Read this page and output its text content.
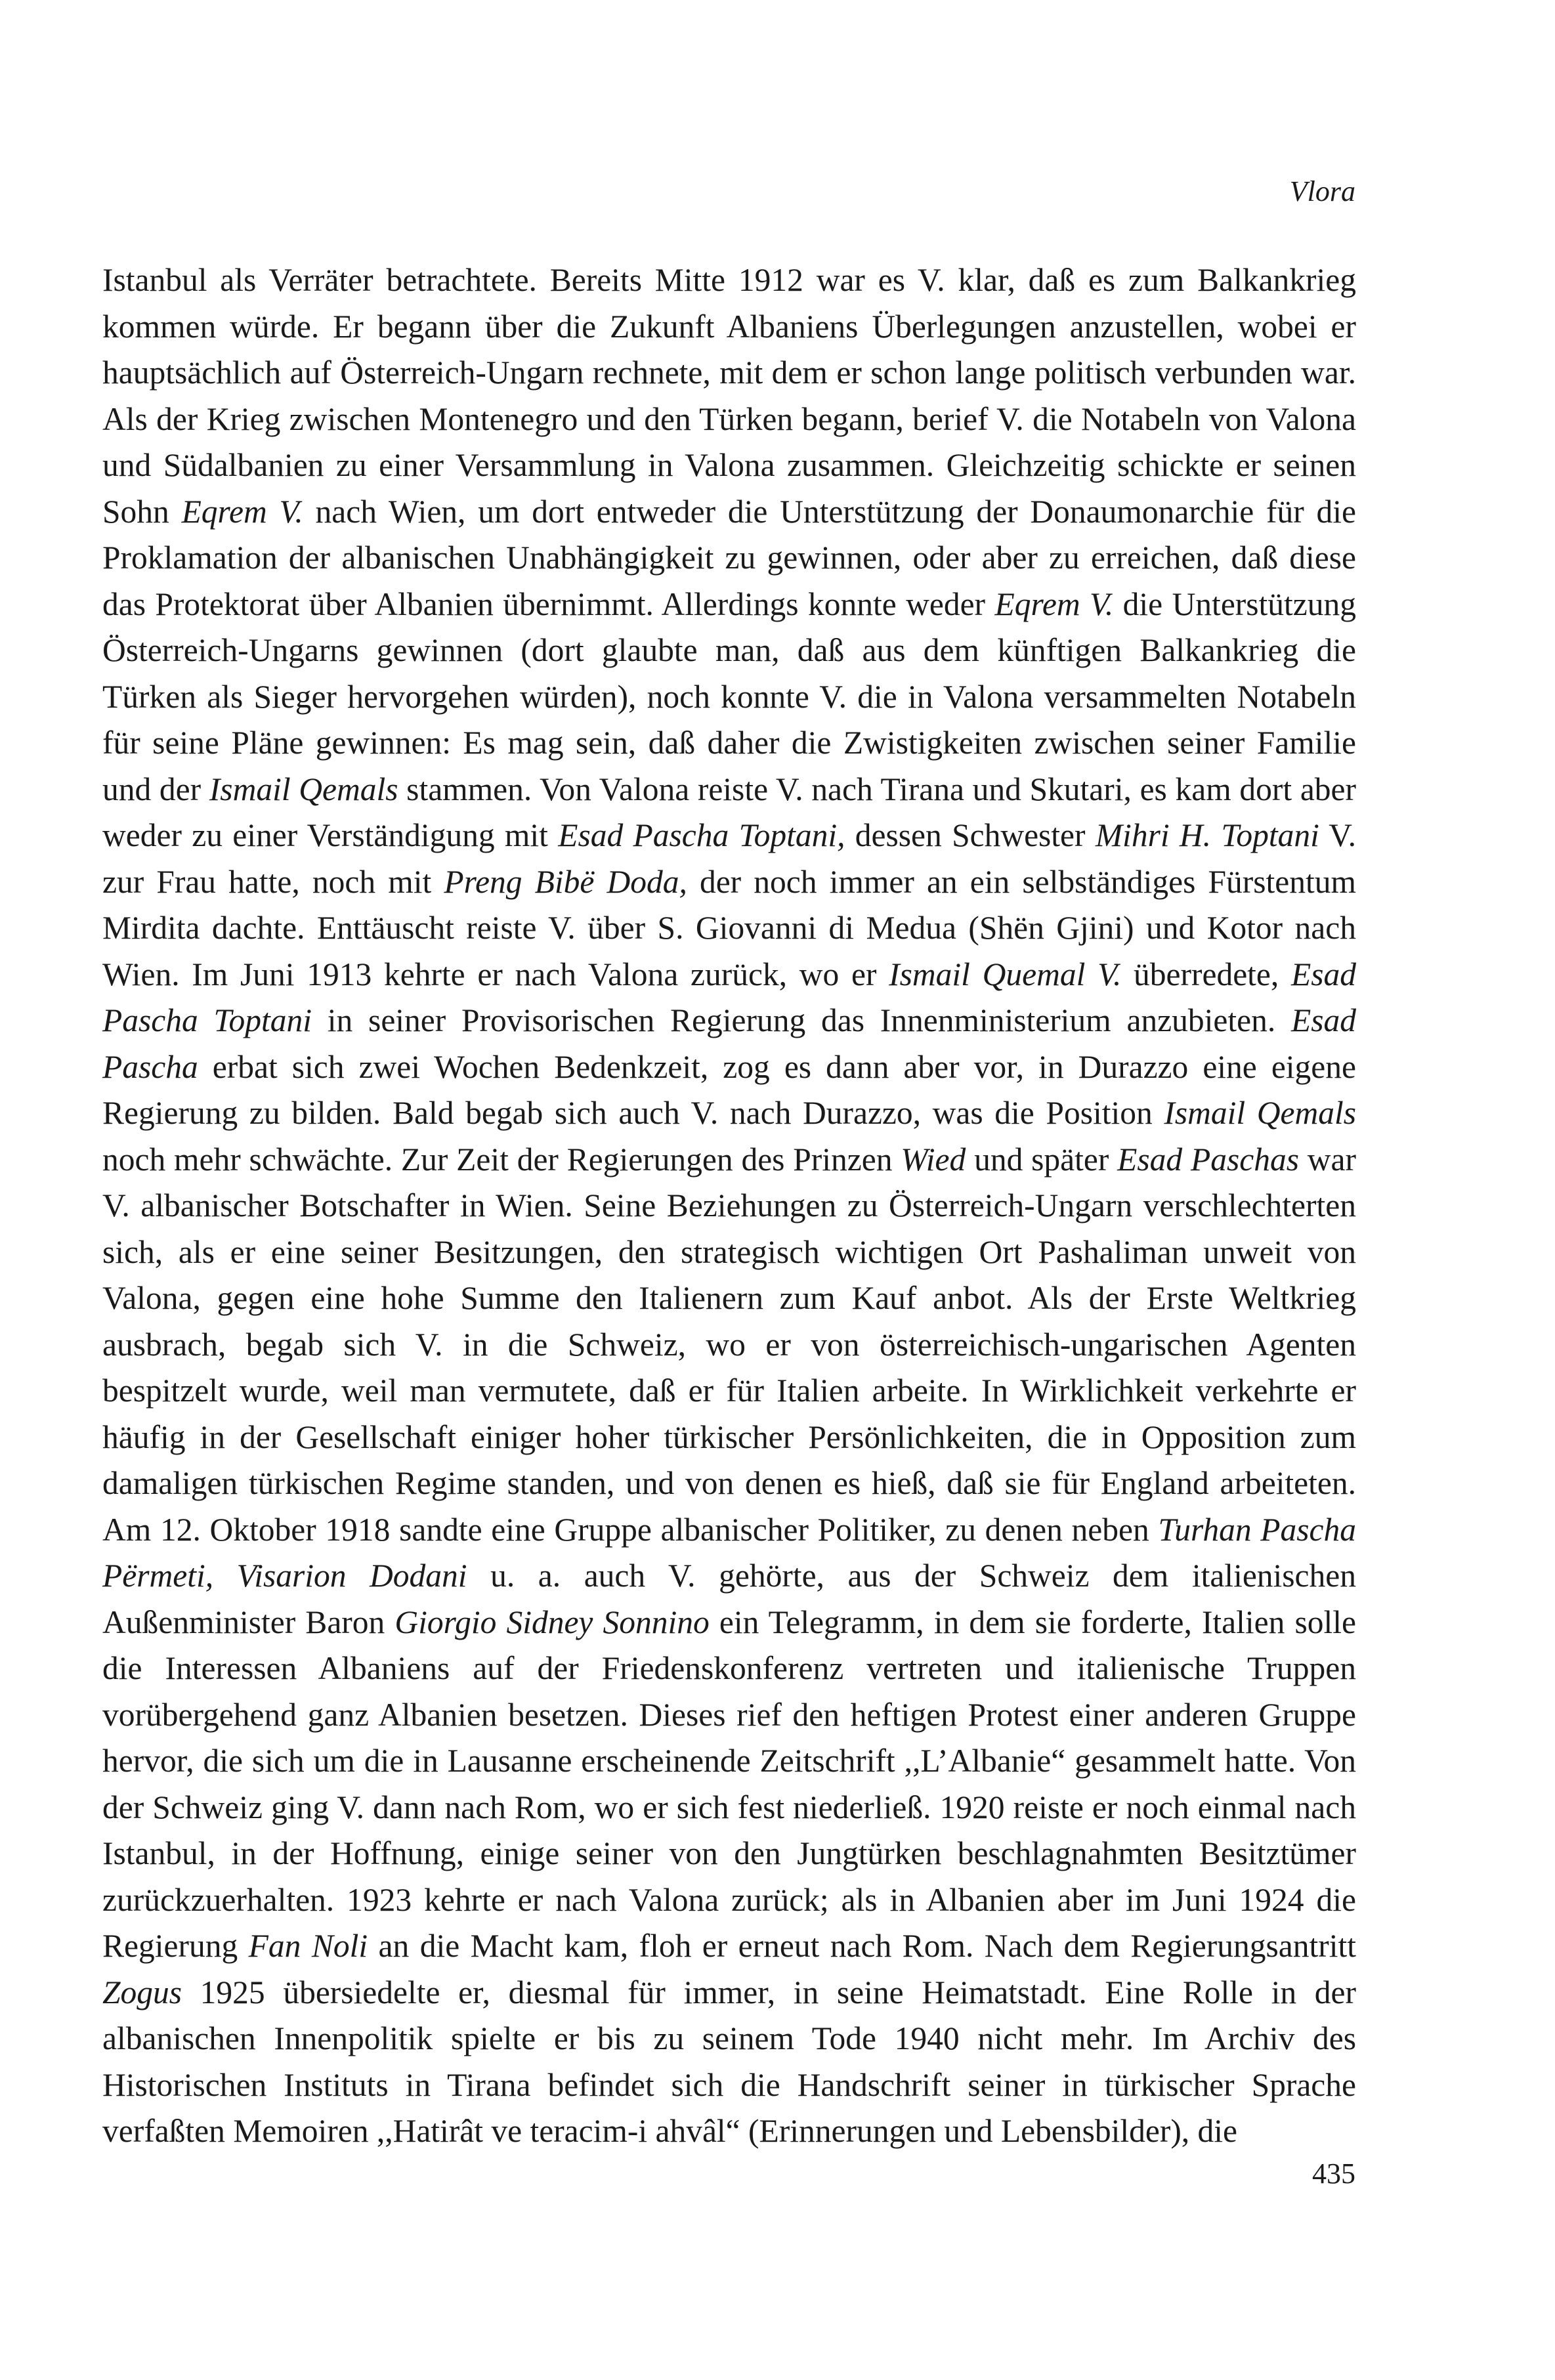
Vlora

Istanbul als Verräter betrachtete. Bereits Mitte 1912 war es V. klar, daß es zum Balkankrieg kommen würde. Er begann über die Zukunft Albaniens Überlegungen anzustellen, wobei er hauptsächlich auf Österreich-Ungarn rechnete, mit dem er schon lange politisch verbunden war. Als der Krieg zwischen Montenegro und den Türken begann, berief V. die Notabeln von Valona und Südalbanien zu einer Versammlung in Valona zusammen. Gleichzeitig schickte er seinen Sohn Eqrem V. nach Wien, um dort entweder die Unterstützung der Donaumonarchie für die Proklamation der albanischen Unabhängigkeit zu gewinnen, oder aber zu erreichen, daß diese das Protektorat über Albanien übernimmt. Allerdings konnte weder Eqrem V. die Unterstützung Österreich-Ungarns gewinnen (dort glaubte man, daß aus dem künftigen Balkankrieg die Türken als Sieger hervorgehen würden), noch konnte V. die in Valona versammelten Notabeln für seine Pläne gewinnen: Es mag sein, daß daher die Zwistigkeiten zwischen seiner Familie und der Ismail Qemals stammen. Von Valona reiste V. nach Tirana und Skutari, es kam dort aber weder zu einer Verständigung mit Esad Pascha Toptani, dessen Schwester Mihri H. Toptani V. zur Frau hatte, noch mit Preng Bibë Doda, der noch immer an ein selbständiges Fürstentum Mirdita dachte. Enttäuscht reiste V. über S. Giovanni di Medua (Shën Gjini) und Kotor nach Wien. Im Juni 1913 kehrte er nach Valona zurück, wo er Ismail Quemal V. überredete, Esad Pascha Toptani in seiner Provisorischen Regierung das Innenministerium anzubieten. Esad Pascha erbat sich zwei Wochen Bedenkzeit, zog es dann aber vor, in Durazzo eine eigene Regierung zu bilden. Bald begab sich auch V. nach Durazzo, was die Position Ismail Qemals noch mehr schwächte. Zur Zeit der Regierungen des Prinzen Wied und später Esad Paschas war V. albanischer Botschafter in Wien. Seine Beziehungen zu Österreich-Ungarn verschlechterten sich, als er eine seiner Besitzungen, den strategisch wichtigen Ort Pashaliman unweit von Valona, gegen eine hohe Summe den Italienern zum Kauf anbot. Als der Erste Weltkrieg ausbrach, begab sich V. in die Schweiz, wo er von österreichisch-ungarischen Agenten bespitzelt wurde, weil man vermutete, daß er für Italien arbeite. In Wirklichkeit verkehrte er häufig in der Gesellschaft einiger hoher türkischer Persönlichkeiten, die in Opposition zum damaligen türkischen Regime standen, und von denen es hieß, daß sie für England arbeiteten. Am 12. Oktober 1918 sandte eine Gruppe albanischer Politiker, zu denen neben Turhan Pascha Përmeti, Visarion Dodani u. a. auch V. gehörte, aus der Schweiz dem italienischen Außenminister Baron Giorgio Sidney Sonnino ein Telegramm, in dem sie forderte, Italien solle die Interessen Albaniens auf der Friedenskonferenz vertreten und italienische Truppen vorübergehend ganz Albanien besetzen. Dieses rief den heftigen Protest einer anderen Gruppe hervor, die sich um die in Lausanne erscheinende Zeitschrift ,,L’Albanie“ gesammelt hatte. Von der Schweiz ging V. dann nach Rom, wo er sich fest niederließ. 1920 reiste er noch einmal nach Istanbul, in der Hoffnung, einige seiner von den Jungtürken beschlagnahmten Besitztümer zurückzuerhalten. 1923 kehrte er nach Valona zurück; als in Albanien aber im Juni 1924 die Regierung Fan Noli an die Macht kam, floh er erneut nach Rom. Nach dem Regierungsantritt Zogus 1925 übersiedelte er, diesmal für immer, in seine Heimatstadt. Eine Rolle in der albanischen Innenpolitik spielte er bis zu seinem Tode 1940 nicht mehr. Im Archiv des Historischen Instituts in Tirana befindet sich die Handschrift seiner in türkischer Sprache verfaßten Memoiren ,,Hatirât ve teracim-i ahvâl“ (Erinnerungen und Lebensbilder), die

435
